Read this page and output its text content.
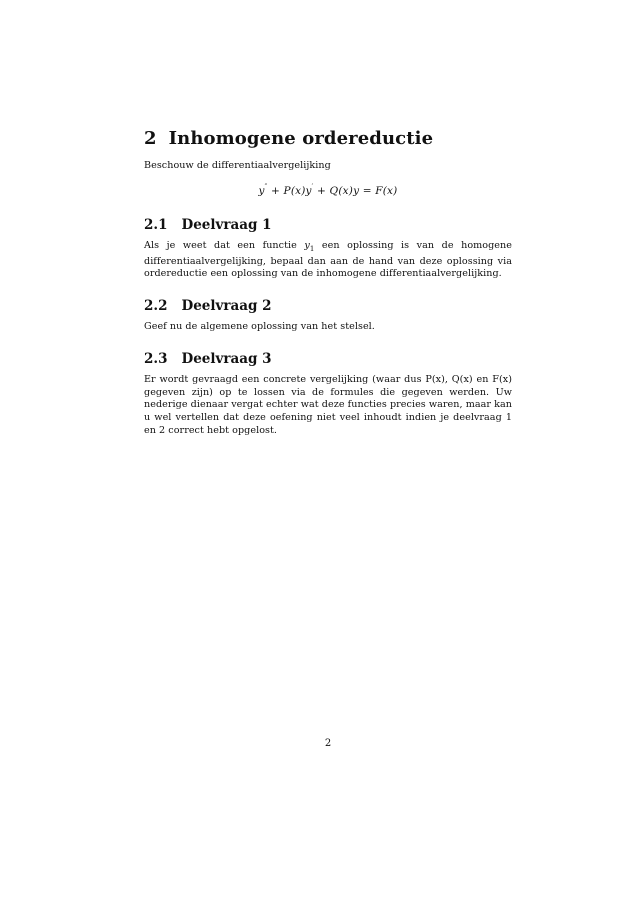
2 Inhomogene ordereductie

Beschouw de differentiaalvergelijking

y″ + P(x)y′ + Q(x)y = F(x)
2.1 Deelvraag 1

Als je weet dat een functie $y_1$ een oplossing is van de homogene differentiaalvergelijking, bepaal dan aan de hand van deze oplossing via ordereductie een oplossing van de inhomogene differentiaalvergelijking.

2.2 Deelvraag 2

Geef nu de algemene oplossing van het stelsel.

2.3 Deelvraag 3

Er wordt gevraagd een concrete vergelijking (waar dus P(x), Q(x) en F(x) gegeven zijn) op te lossen via de formules die gegeven werden. Uw nederige dienaar vergat echter wat deze functies precies waren, maar kan u wel vertellen dat deze oefening niet veel inhoudt indien je deelvraag 1 en 2 correct hebt opgelost.

2
